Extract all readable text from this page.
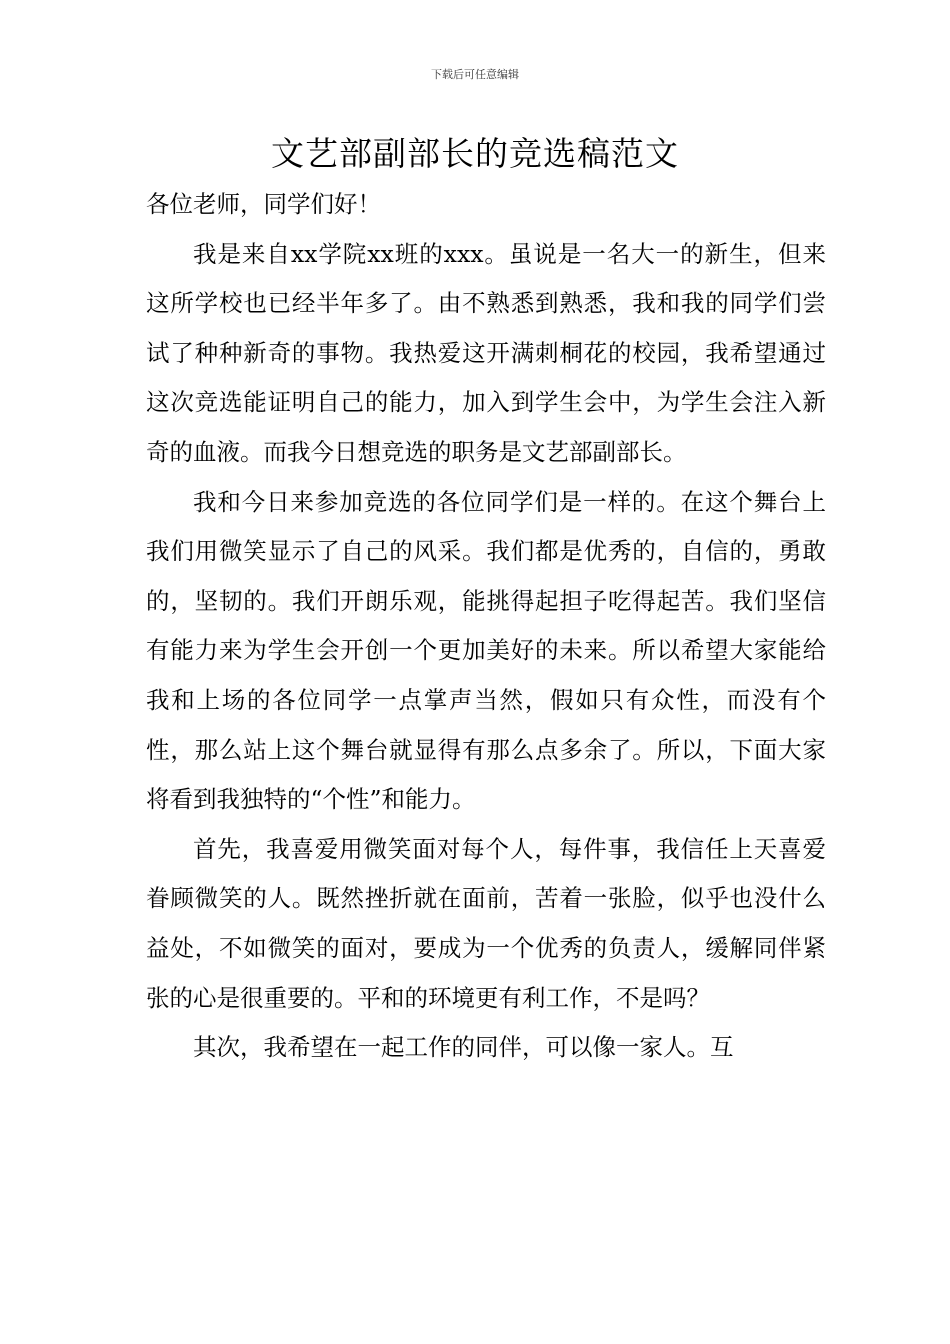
下载后可任意编辑
文艺部副部长的竞选稿范文

各位老师，同学们好！

我是来自xx学院xx班的xxx。虽说是一名大一的新生，但来这所学校也已经半年多了。由不熟悉到熟悉，我和我的同学们尝试了种种新奇的事物。我热爱这开满刺桐花的校园，我希望通过这次竞选能证明自己的能力，加入到学生会中，为学生会注入新奇的血液。而我今日想竞选的职务是文艺部副部长。

我和今日来参加竞选的各位同学们是一样的。在这个舞台上我们用微笑显示了自己的风采。我们都是优秀的，自信的，勇敢的，坚韧的。我们开朗乐观，能挑得起担子吃得起苦。我们坚信有能力来为学生会开创一个更加美好的未来。所以希望大家能给我和上场的各位同学一点掌声当然，假如只有众性，而没有个性，那么站上这个舞台就显得有那么点多余了。所以，下面大家将看到我独特的“个性”和能力。

首先，我喜爱用微笑面对每个人，每件事，我信任上天喜爱眷顾微笑的人。既然挫折就在面前，苦着一张脸，似乎也没什么益处，不如微笑的面对，要成为一个优秀的负责人，缓解同伴紧张的心是很重要的。平和的环境更有利工作，不是吗？

其次，我希望在一起工作的同伴，可以像一家人。互
